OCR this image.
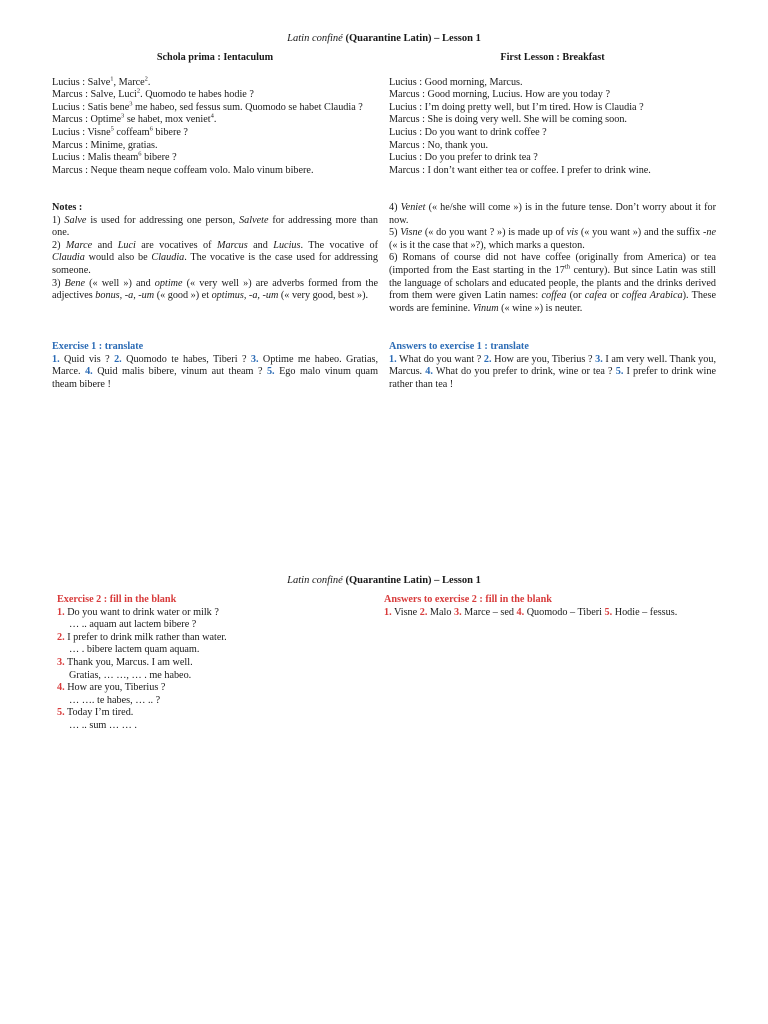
Latin confiné (Quarantine Latin) – Lesson 1
Schola prima : Ientaculum

Lucius : Salve$^1$, Marce$^2$.

Marcus : Salve, Luci$^2$. Quomodo te habes hodie ?

Lucius : Satis bene$^3$ me habeo, sed fessus sum. Quomodo se habet Claudia ?

Marcus : Optime$^3$ se habet, mox veniet$^4$.

Lucius : Visne$^5$ coffeam$^6$ bibere ?

Marcus : Minime, gratias.

Lucius : Malis theam$^6$ bibere ?

Marcus : Neque theam neque coffeam volo. Malo vinum bibere.

First Lesson : Breakfast

Lucius : Good morning, Marcus.

Marcus : Good morning, Lucius. How are you today ?

Lucius : I’m doing pretty well, but I’m tired. How is Claudia ?

Marcus : She is doing very well. She will be coming soon.

Lucius : Do you want to drink coffee ?

Marcus : No, thank you.

Lucius : Do you prefer to drink tea ?

Marcus : I don’t want either tea or coffee. I prefer to drink wine.

Notes :

1) Salve is used for addressing one person, Salvete for addressing more than one.

2) Marce and Luci are vocatives of Marcus and Lucius. The vocative of Claudia would also be Claudia. The vocative is the case used for addressing someone.

3) Bene (« well ») and optime (« very well ») are adverbs formed from the adjectives bonus, -a, -um (« good ») et optimus, -a, -um (« very good, best »).

4) Veniet (« he/she will come ») is in the future tense. Don’t worry about it for now.

5) Visne (« do you want ? ») is made up of vis (« you want ») and the suffix -ne (« is it the case that »?), which marks a queston.

6) Romans of course did not have coffee (originally from America) or tea (imported from the East starting in the 17th century). But since Latin was still the language of scholars and educated people, the plants and the drinks derived from them were given Latin names: coffea (or cafea or coffea Arabica). These words are feminine. Vinum (« wine ») is neuter.

Exercise 1 : translate

1. Quid vis ? 2. Quomodo te habes, Tiberi ? 3. Optime me habeo. Gratias, Marce. 4. Quid malis bibere, vinum aut theam ? 5. Ego malo vinum quam theam bibere !

Answers to exercise 1 : translate

1. What do you want ? 2. How are you, Tiberius ? 3. I am very well. Thank you, Marcus. 4. What do you prefer to drink, wine or tea ? 5. I prefer to drink wine rather than tea !

Latin confiné (Quarantine Latin) – Lesson 1
Exercise 2 : fill in the blank
1. Do you want to drink water or milk ?
… .. aquam aut lactem bibere ?
2. I prefer to drink milk rather than water.
… . bibere lactem quam aquam.
3. Thank you, Marcus. I am well.
Gratias, … …, … . me habeo.
4. How are you, Tiberius ?
… …. te habes, … .. ?
5. Today I’m tired.
… .. sum … … .
Answers to exercise 2 : fill in the blank

1. Visne 2. Malo 3. Marce – sed 4. Quomodo – Tiberi 5. Hodie – fessus.
